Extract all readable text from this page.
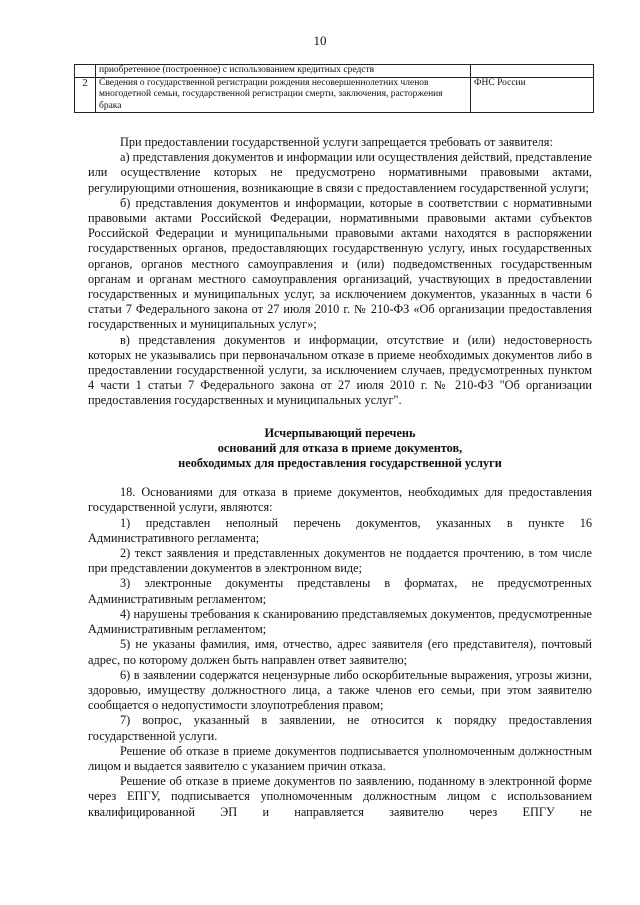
10
	приобретенное (построенное) с использованием кредитных средств	
2	Сведения о государственной регистрации рождения несовершеннолетних членов многодетной семьи, государственной регистрации смерти, заключения, расторжения брака	ФНС России

При предоставлении государственной услуги запрещается требовать от заявителя:

а) представления документов и информации или осуществления действий, представление или осуществление которых не предусмотрено нормативными правовыми актами, регулирующими отношения, возникающие в связи с предоставлением государственной услуги;

б) представления документов и информации, которые в соответствии с нормативными правовыми актами Российской Федерации, нормативными правовыми актами субъектов Российской Федерации и муниципальными правовыми актами находятся в распоряжении государственных органов, предоставляющих государственную услугу, иных государственных органов, органов местного самоуправления и (или) подведомственных государственным органам и органам местного самоуправления организаций, участвующих в предоставлении государственных и муниципальных услуг, за исключением документов, указанных в части 6 статьи 7 Федерального закона от 27 июля 2010 г. № 210-ФЗ «Об организации предоставления государственных и муниципальных услуг»;

в) представления документов и информации, отсутствие и (или) недостоверность которых не указывались при первоначальном отказе в приеме необходимых документов либо в предоставлении государственной услуги, за исключением случаев, предусмотренных пунктом 4 части 1 статьи 7 Федерального закона от 27 июля 2010 г. № 210-ФЗ "Об организации предоставления государственных и муниципальных услуг".

Исчерпывающий перечень
оснований для отказа в приеме документов,
необходимых для предоставления государственной услуги

18. Основаниями для отказа в приеме документов, необходимых для предоставления государственной услуги, являются:

1) представлен неполный перечень документов, указанных в пункте 16 Административного регламента;

2) текст заявления и представленных документов не поддается прочтению, в том числе при представлении документов в электронном виде;

3) электронные документы представлены в форматах, не предусмотренных Административным регламентом;

4) нарушены требования к сканированию представляемых документов, предусмотренные Административным регламентом;

5) не указаны фамилия, имя, отчество, адрес заявителя (его представителя), почтовый адрес, по которому должен быть направлен ответ заявителю;

6) в заявлении содержатся нецензурные либо оскорбительные выражения, угрозы жизни, здоровью, имуществу должностного лица, а также членов его семьи, при этом заявителю сообщается о недопустимости злоупотребления правом;

7) вопрос, указанный в заявлении, не относится к порядку предоставления государственной услуги.

Решение об отказе в приеме документов подписывается уполномоченным должностным лицом и выдается заявителю с указанием причин отказа.

Решение об отказе в приеме документов по заявлению, поданному в электронной форме через ЕПГУ, подписывается уполномоченным должностным лицом с использованием квалифицированной ЭП и направляется заявителю через ЕПГУ не
